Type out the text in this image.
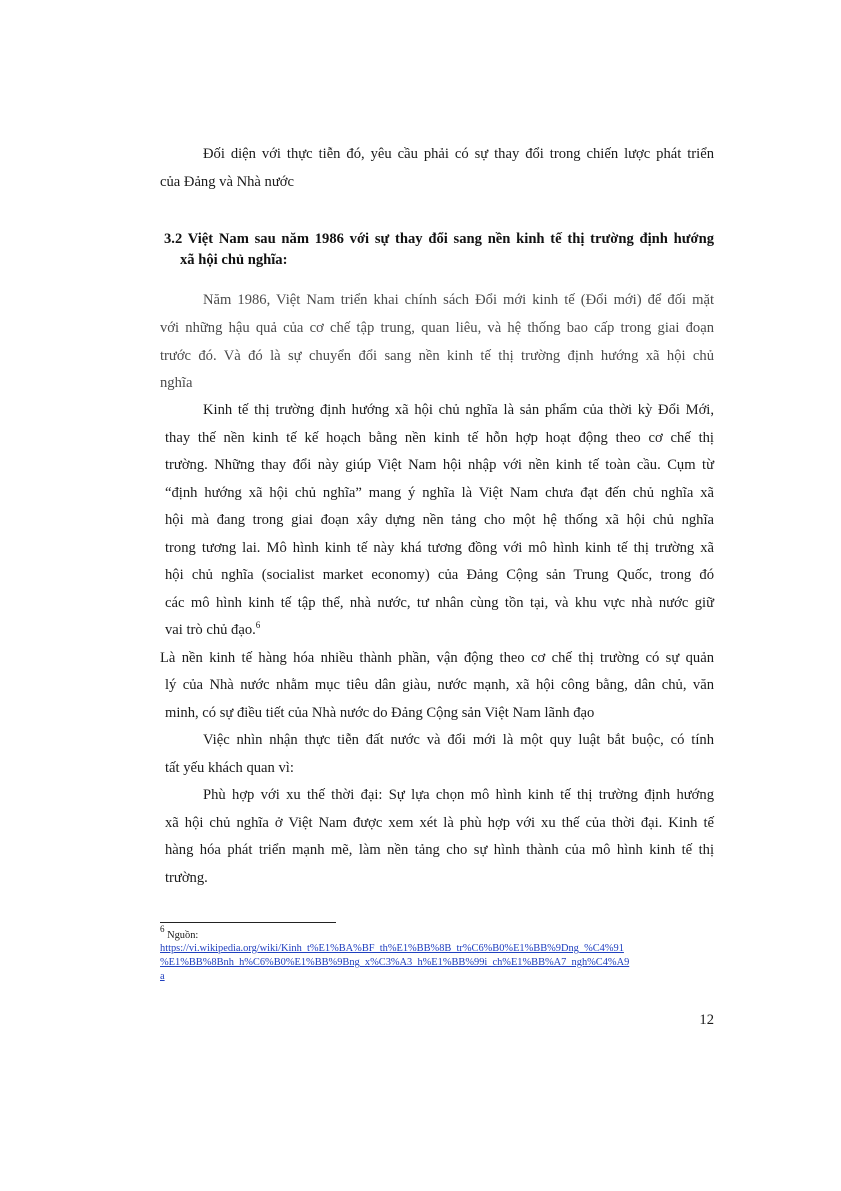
Đối diện với thực tiễn đó, yêu cầu phải có sự thay đổi trong chiến lược phát triển

của Đảng và Nhà nước

3.2 Việt Nam sau năm 1986 với sự thay đổi sang nền kinh tế thị trường định hướng

xã hội chủ nghĩa:

Năm 1986, Việt Nam triển khai chính sách Đổi mới kinh tế (Đổi mới) để đối mặt

với những hậu quả của cơ chế tập trung, quan liêu, và hệ thống bao cấp trong giai đoạn

trước đó. Và đó là sự chuyển đổi sang nền kinh tế thị trường định hướng xã hội chủ

nghĩa

Kinh tế thị trường định hướng xã hội chủ nghĩa là sản phẩm của thời kỳ Đổi Mới,

thay thế nền kinh tế kế hoạch bằng nền kinh tế hỗn hợp hoạt động theo cơ chế thị

trường. Những thay đổi này giúp Việt Nam hội nhập với nền kinh tế toàn cầu. Cụm từ

“định hướng xã hội chủ nghĩa” mang ý nghĩa là Việt Nam chưa đạt đến chủ nghĩa xã

hội mà đang trong giai đoạn xây dựng nền tảng cho một hệ thống xã hội chủ nghĩa

trong tương lai. Mô hình kinh tế này khá tương đồng với mô hình kinh tế thị trường xã

hội chủ nghĩa (socialist market economy) của Đảng Cộng sản Trung Quốc, trong đó

các mô hình kinh tế tập thể, nhà nước, tư nhân cùng tồn tại, và khu vực nhà nước giữ

vai trò chủ đạo.$^6$

Là nền kinh tế hàng hóa nhiều thành phần, vận động theo cơ chế thị trường có sự quản

lý của Nhà nước nhằm mục tiêu dân giàu, nước mạnh, xã hội công bằng, dân chủ, văn

minh, có sự điều tiết của Nhà nước do Đảng Cộng sản Việt Nam lãnh đạo

Việc nhìn nhận thực tiễn đất nước và đổi mới là một quy luật bắt buộc, có tính

tất yếu khách quan vì:

Phù hợp với xu thế thời đại: Sự lựa chọn mô hình kinh tế thị trường định hướng

xã hội chủ nghĩa ở Việt Nam được xem xét là phù hợp với xu thế của thời đại. Kinh tế

hàng hóa phát triển mạnh mẽ, làm nền tảng cho sự hình thành của mô hình kinh tế thị

trường.

$^6$ Nguồn:

https://vi.wikipedia.org/wiki/Kinh_t%E1%BA%BF_th%E1%BB%8B_tr%C6%B0%E1%BB%9Dng_%C4%91

%E1%BB%8Bnh_h%C6%B0%E1%BB%9Bng_x%C3%A3_h%E1%BB%99i_ch%E1%BB%A7_ngh%C4%A9

a

12
